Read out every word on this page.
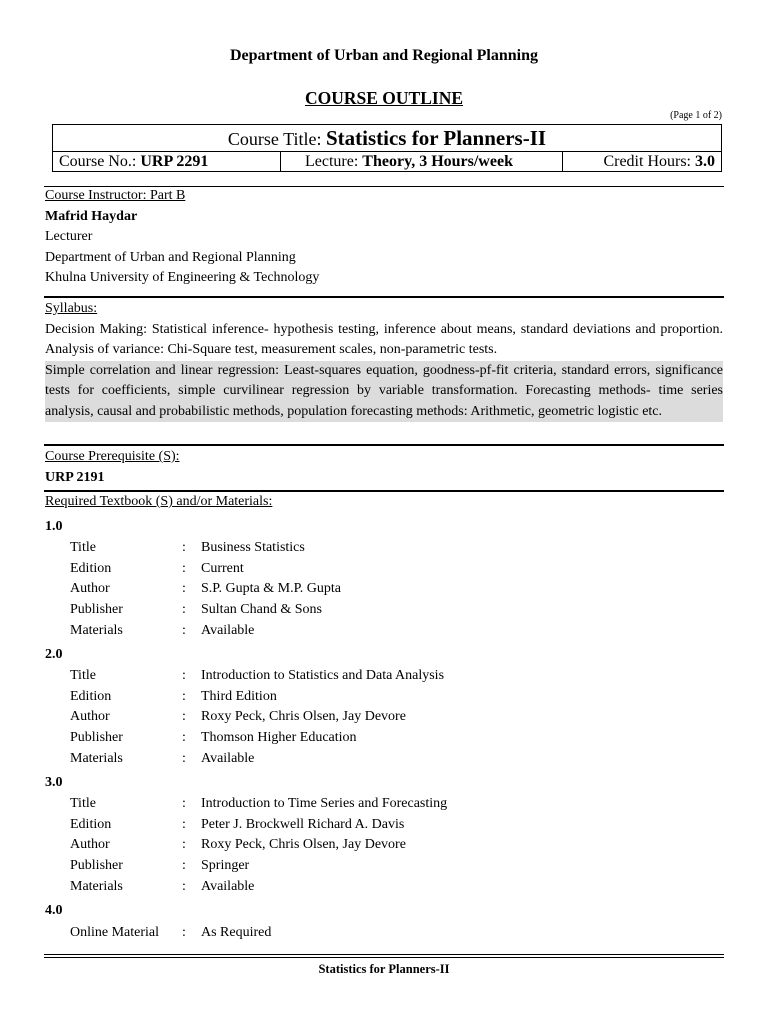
Department of Urban and Regional Planning
COURSE OUTLINE
(Page 1 of 2)
Course Title: Statistics for Planners-II
Course No.: URP 2291	Lecture: Theory, 3 Hours/week	Credit Hours: 3.0
Course Instructor: Part B
Mafrid Haydar
Lecturer
Department of Urban and Regional Planning
Khulna University of Engineering & Technology
Syllabus:
Decision Making: Statistical inference- hypothesis testing, inference about means, standard deviations and proportion. Analysis of variance: Chi-Square test, measurement scales, non-parametric tests.
Simple correlation and linear regression: Least-squares equation, goodness-pf-fit criteria, standard errors, significance tests for coefficients, simple curvilinear regression by variable transformation. Forecasting methods- time series analysis, causal and probabilistic methods, population forecasting methods: Arithmetic, geometric logistic etc.
Course Prerequisite (S):
URP 2191
Required Textbook (S) and/or Materials:
1.0
Title	:	Business Statistics
Edition	:	Current
Author	:	S.P. Gupta & M.P. Gupta
Publisher	:	Sultan Chand & Sons
Materials	:	Available
2.0
Title	:	Introduction to Statistics and Data Analysis
Edition	:	Third Edition
Author	:	Roxy Peck, Chris Olsen, Jay Devore
Publisher	:	Thomson Higher Education
Materials	:	Available
3.0
Title	:	Introduction to Time Series and Forecasting
Edition	:	Peter J. Brockwell Richard A. Davis
Author	:	Roxy Peck, Chris Olsen, Jay Devore
Publisher	:	Springer
Materials	:	Available
4.0
Online Material	:	As Required
Statistics for Planners-II
